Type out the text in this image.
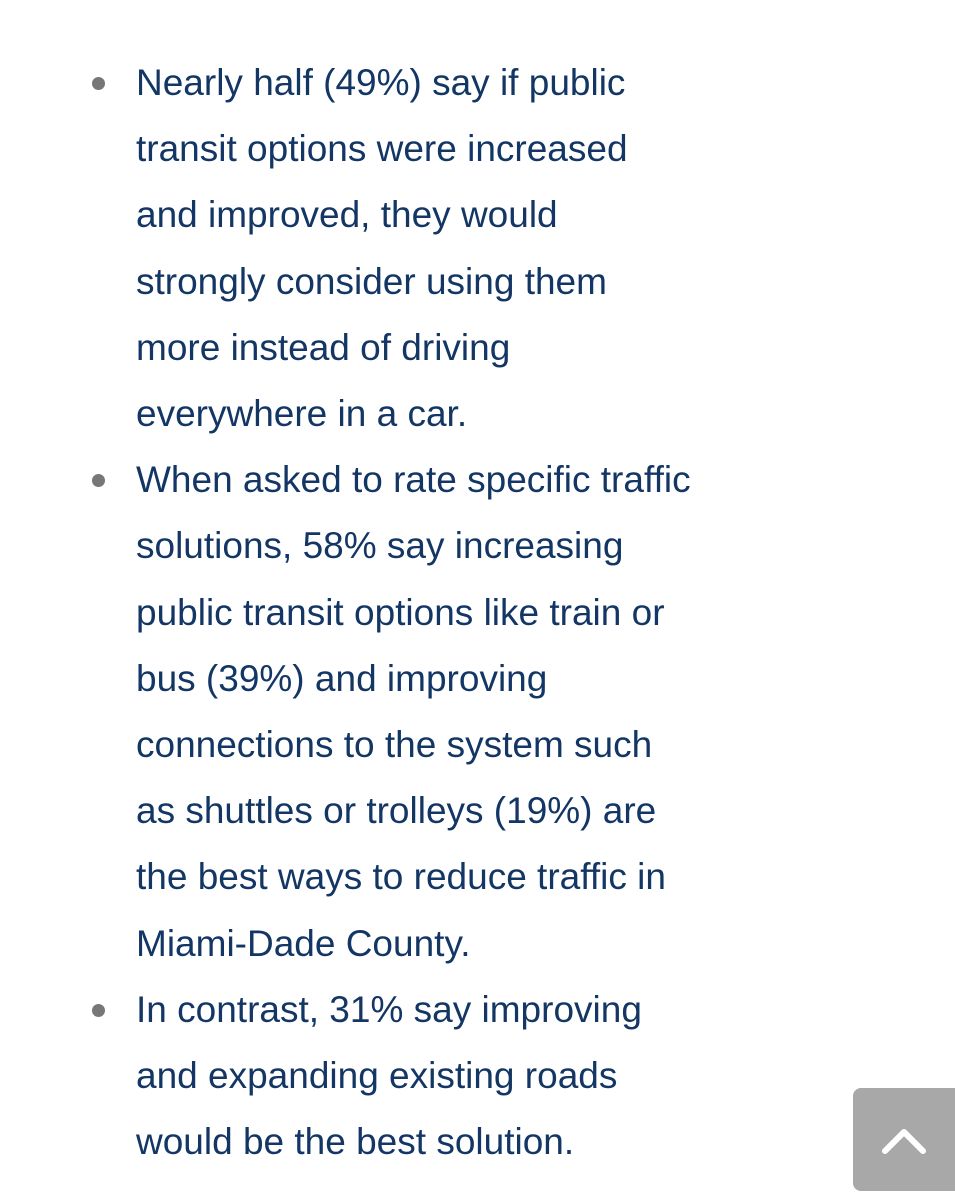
Nearly half (49%) say if public
transit options were increased
and improved, they would
strongly consider using them
more instead of driving
everywhere in a car.
When asked to rate specific traffic
solutions, 58% say increasing
public transit options like train or
bus (39%) and improving
connections to the system such
as shuttles or trolleys (19%) are
the best ways to reduce traffic in
Miami-Dade County.
In contrast, 31% say improving
and expanding existing roads
would be the best solution.
